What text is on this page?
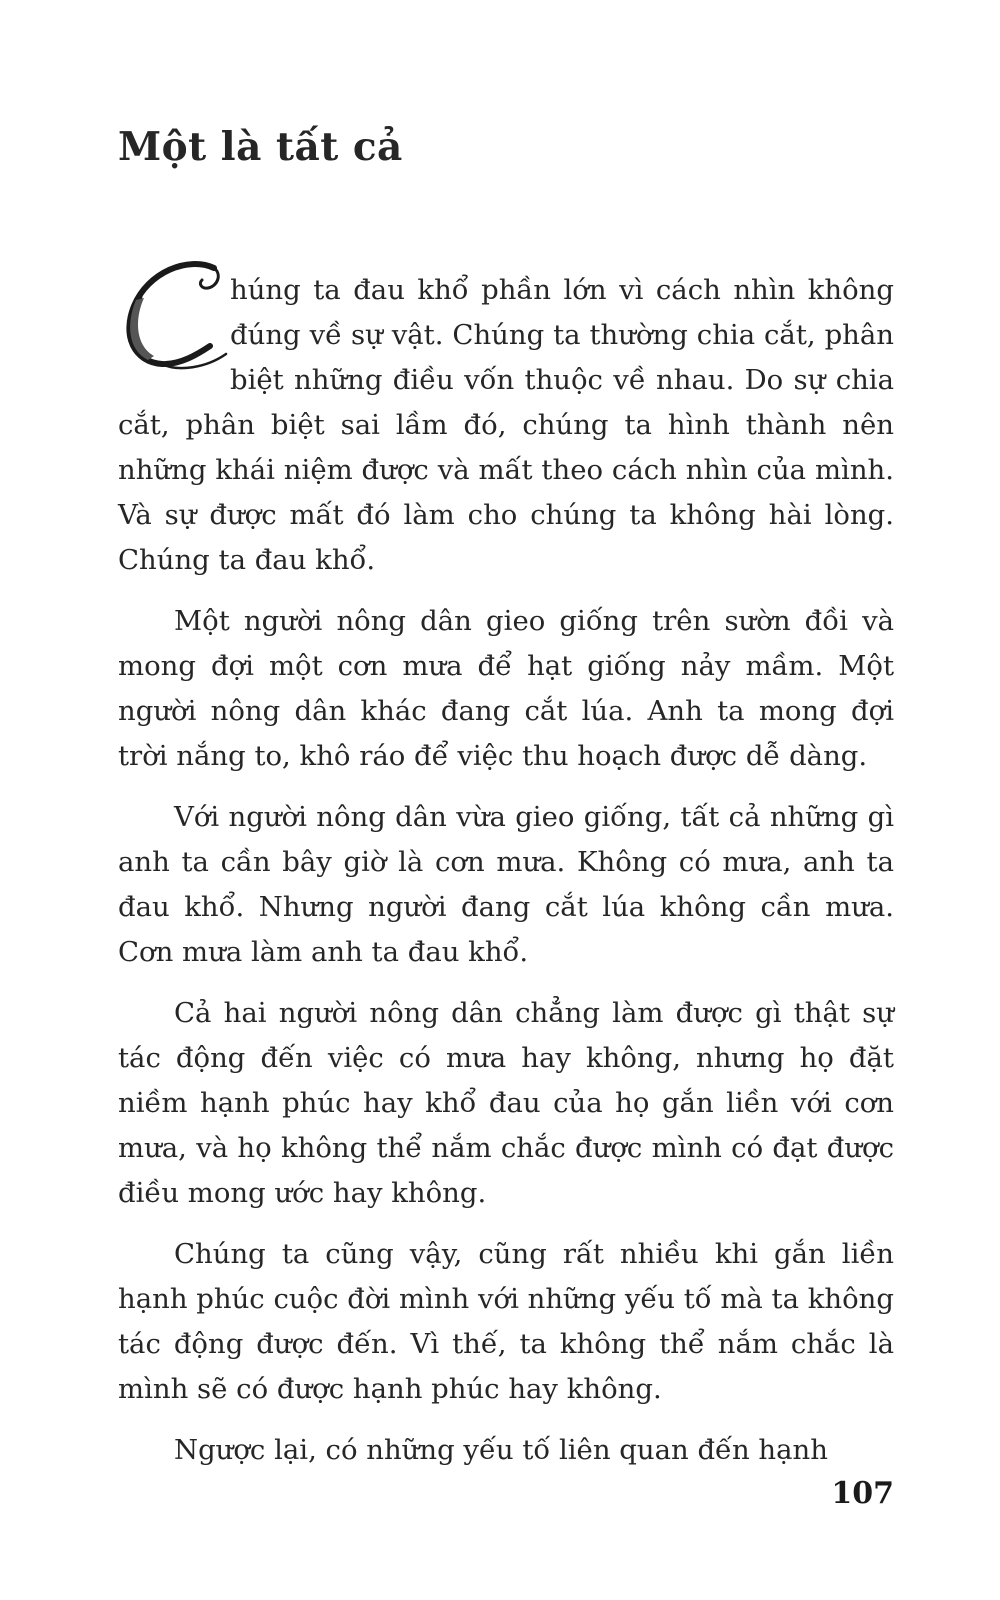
Một là tất cả

húng ta đau khổ phần lớn vì cách nhìn không đúng về sự vật. Chúng ta thường chia cắt, phân biệt những điều vốn thuộc về nhau. Do sự chia cắt, phân biệt sai lầm đó, chúng ta hình thành nên những khái niệm được và mất theo cách nhìn của mình. Và sự được mất đó làm cho chúng ta không hài lòng. Chúng ta đau khổ.

Một người nông dân gieo giống trên sườn đồi và mong đợi một cơn mưa để hạt giống nảy mầm. Một người nông dân khác đang cắt lúa. Anh ta mong đợi trời nắng to, khô ráo để việc thu hoạch được dễ dàng.

Với người nông dân vừa gieo giống, tất cả những gì anh ta cần bây giờ là cơn mưa. Không có mưa, anh ta đau khổ. Nhưng người đang cắt lúa không cần mưa. Cơn mưa làm anh ta đau khổ.

Cả hai người nông dân chẳng làm được gì thật sự tác động đến việc có mưa hay không, nhưng họ đặt niềm hạnh phúc hay khổ đau của họ gắn liền với cơn mưa, và họ không thể nắm chắc được mình có đạt được điều mong ước hay không.

Chúng ta cũng vậy, cũng rất nhiều khi gắn liền hạnh phúc cuộc đời mình với những yếu tố mà ta không tác động được đến. Vì thế, ta không thể nắm chắc là mình sẽ có được hạnh phúc hay không.

Ngược lại, có những yếu tố liên quan đến hạnh

107
